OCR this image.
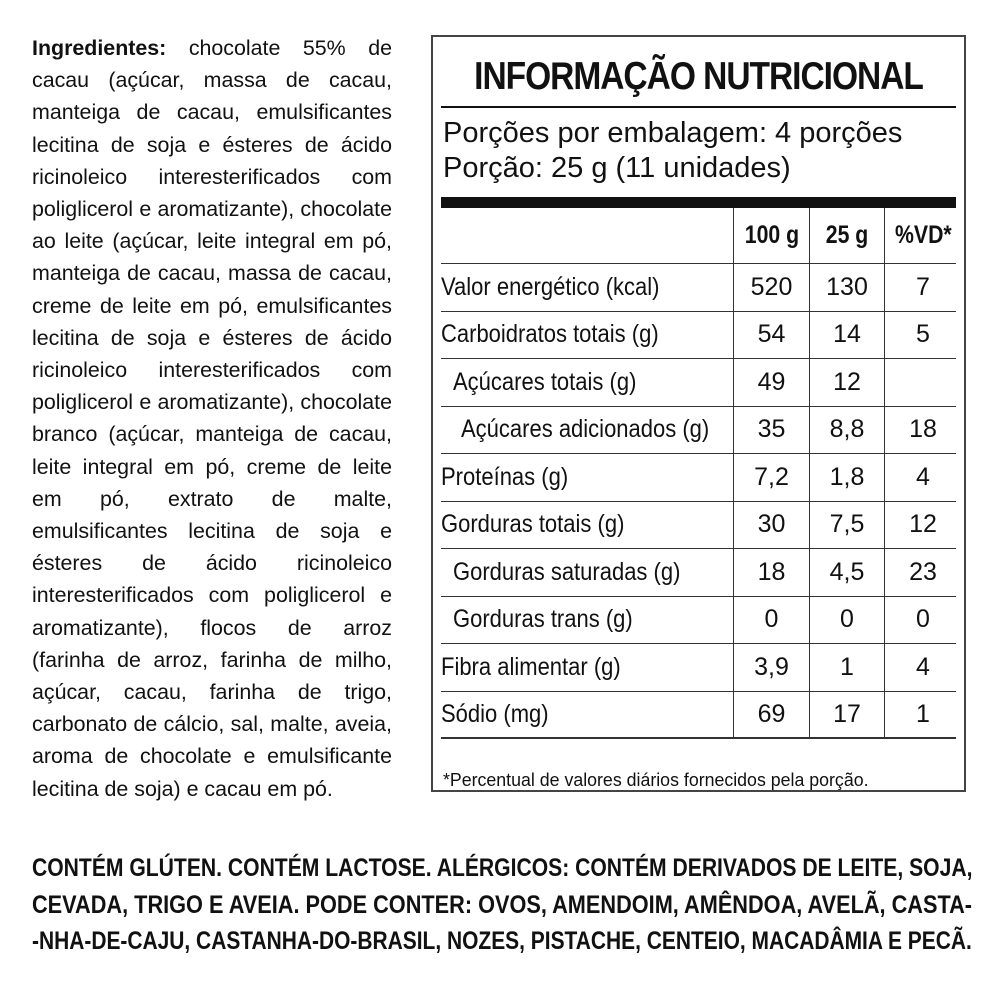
Ingredientes: chocolate 55% de cacau (açúcar, massa de cacau, manteiga de cacau, emulsificantes lecitina de soja e ésteres de ácido ricinoleico interesterificados com poliglicerol e aromatizante), chocolate ao leite (açúcar, leite integral em pó, manteiga de cacau, massa de cacau, creme de leite em pó, emulsificantes lecitina de soja e ésteres de ácido ricinoleico interesterificados com poliglicerol e aromatizante), chocolate branco (açúcar, manteiga de cacau, leite integral em pó, creme de leite em pó, extrato de malte, emulsificantes lecitina de soja e ésteres de ácido ricinoleico interesterificados com poliglicerol e aromatizante), flocos de arroz (farinha de arroz, farinha de milho, açúcar, cacau, farinha de trigo, carbonato de cálcio, sal, malte, aveia, aroma de chocolate e emulsificante lecitina de soja) e cacau em pó.
INFORMAÇÃO NUTRICIONAL
Porções por embalagem: 4 porções
Porção: 25 g (11 unidades)
100 g 25 g %VD*
Valor energético (kcal)	520	130	7
Carboidratos totais (g)	54	14	5
Açúcares totais (g)	49	12
Açúcares adicionados (g)	35	8,8	18
Proteínas (g)	7,2	1,8	4
Gorduras totais (g)	30	7,5	12
Gorduras saturadas (g)	18	4,5	23
Gorduras trans (g)	0	0	0
Fibra alimentar (g)	3,9	1	4
Sódio (mg)	69	17	1
*Percentual de valores diários fornecidos pela porção.
CONTÉM GLÚTEN. CONTÉM LACTOSE. ALÉRGICOS: CONTÉM DERIVADOS DE LEITE, SOJA,
CEVADA, TRIGO E AVEIA. PODE CONTER: OVOS, AMENDOIM, AMÊNDOA, AVELÃ, CASTA-
-NHA-DE-CAJU, CASTANHA-DO-BRASIL, NOZES, PISTACHE, CENTEIO, MACADÂMIA E PECÃ.
